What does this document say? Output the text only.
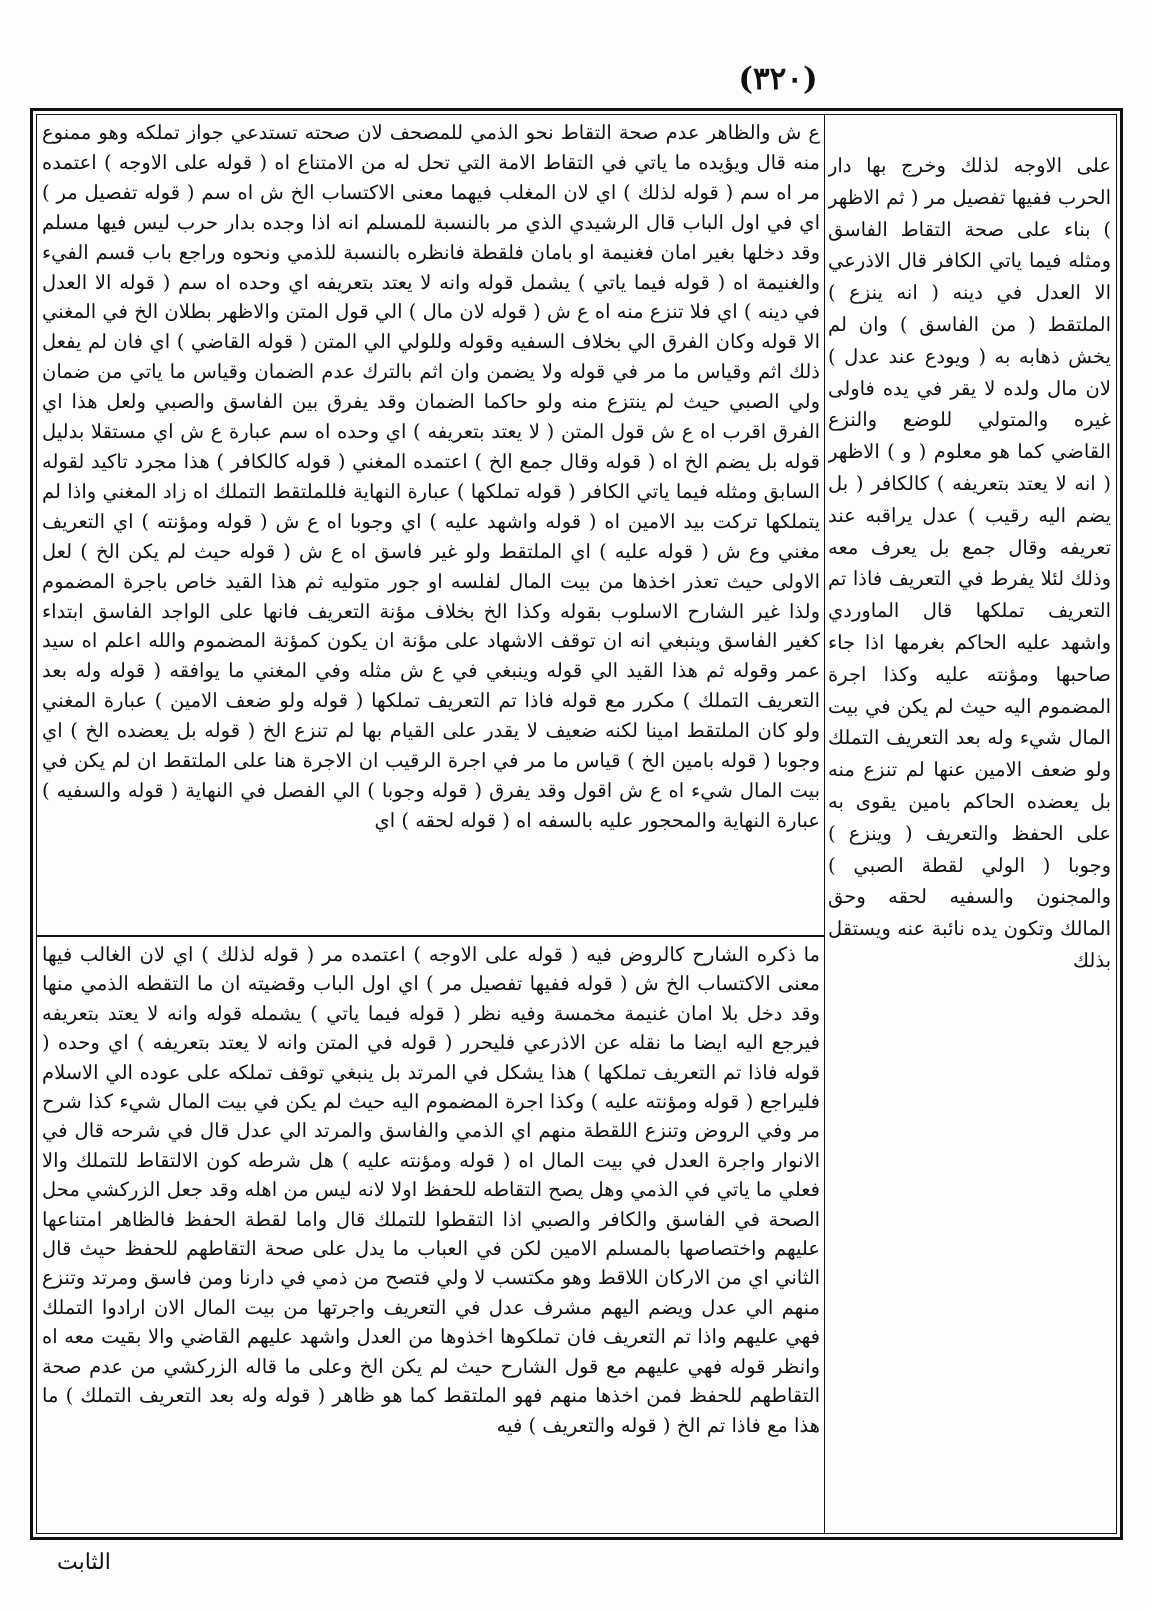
(٣٢٠)

ع ش والظاهر عدم صحة التقاط نحو الذمي للمصحف لان صحته تستدعي جواز تملكه وهو ممنوع منه قال ويؤيده ما ياتي في التقاط الامة التي تحل له من الامتناع اه ( قوله على الاوجه ) اعتمده مر اه سم ( قوله لذلك ) اي لان المغلب فيهما معنى الاكتساب الخ ش اه سم ( قوله تفصيل مر ) اي في اول الباب قال الرشيدي الذي مر بالنسبة للمسلم انه اذا وجده بدار حرب ليس فيها مسلم وقد دخلها بغير امان فغنيمة او بامان فلقطة فانظره بالنسبة للذمي ونحوه وراجع باب قسم الفيء والغنيمة اه ( قوله فيما ياتي ) يشمل قوله وانه لا يعتد بتعريفه اي وحده اه سم ( قوله الا العدل في دينه ) اي فلا تنزع منه اه ع ش ( قوله لان مال ) الي قول المتن والاظهر بطلان الخ في المغني الا قوله وكان الفرق الي بخلاف السفيه وقوله وللولي الي المتن ( قوله القاضي ) اي فان لم يفعل ذلك اثم وقياس ما مر في قوله ولا يضمن وان اثم بالترك عدم الضمان وقياس ما ياتي من ضمان ولي الصبي حيث لم ينتزع منه ولو حاكما الضمان وقد يفرق بين الفاسق والصبي ولعل هذا اي الفرق اقرب اه ع ش قول المتن ( لا يعتد بتعريفه ) اي وحده اه سم عبارة ع ش اي مستقلا بدليل قوله بل يضم الخ اه ( قوله وقال جمع الخ ) اعتمده المغني ( قوله كالكافر ) هذا مجرد تاكيد لقوله السابق ومثله فيما ياتي الكافر ( قوله تملكها ) عبارة النهاية فللملتقط التملك اه زاد المغني واذا لم يتملكها تركت بيد الامين اه ( قوله واشهد عليه ) اي وجوبا اه ع ش ( قوله ومؤنته ) اي التعريف مغني وع ش ( قوله عليه ) اي الملتقط ولو غير فاسق اه ع ش ( قوله حيث لم يكن الخ ) لعل الاولى حيث تعذر اخذها من بيت المال لفلسه او جور متوليه ثم هذا القيد خاص باجرة المضموم ولذا غير الشارح الاسلوب بقوله وكذا الخ بخلاف مؤنة التعريف فانها على الواجد الفاسق ابتداء كغير الفاسق وينبغي انه ان توقف الاشهاد على مؤنة ان يكون كمؤنة المضموم والله اعلم اه سيد عمر وقوله ثم هذا القيد الي قوله وينبغي في ع ش مثله وفي المغني ما يوافقه ( قوله وله بعد التعريف التملك ) مكرر مع قوله فاذا تم التعريف تملكها ( قوله ولو ضعف الامين ) عبارة المغني ولو كان الملتقط امينا لكنه ضعيف لا يقدر على القيام بها لم تنزع الخ ( قوله بل يعضده الخ ) اي وجوبا ( قوله بامين الخ ) قياس ما مر في اجرة الرقيب ان الاجرة هنا على الملتقط ان لم يكن في بيت المال شيء اه ع ش اقول وقد يفرق ( قوله وجوبا ) الي الفصل في النهاية ( قوله والسفيه ) عبارة النهاية والمحجور عليه بالسفه اه ( قوله لحقه ) اي

ما ذكره الشارح كالروض فيه ( قوله على الاوجه ) اعتمده مر ( قوله لذلك ) اي لان الغالب فيها معنى الاكتساب الخ ش ( قوله ففيها تفصيل مر ) اي اول الباب وقضيته ان ما التقطه الذمي منها وقد دخل بلا امان غنيمة مخمسة وفيه نظر ( قوله فيما ياتي ) يشمله قوله وانه لا يعتد بتعريفه فيرجع اليه ايضا ما نقله عن الاذرعي فليحرر ( قوله في المتن وانه لا يعتد بتعريفه ) اي وحده ( قوله فاذا تم التعريف تملكها ) هذا يشكل في المرتد بل ينبغي توقف تملكه على عوده الي الاسلام فليراجع ( قوله ومؤنته عليه ) وكذا اجرة المضموم اليه حيث لم يكن في بيت المال شيء كذا شرح مر وفي الروض وتنزع اللقطة منهم اي الذمي والفاسق والمرتد الي عدل قال في شرحه قال في الانوار واجرة العدل في بيت المال اه ( قوله ومؤنته عليه ) هل شرطه كون الالتقاط للتملك والا فعلي ما ياتي في الذمي وهل يصح التقاطه للحفظ اولا لانه ليس من اهله وقد جعل الزركشي محل الصحة في الفاسق والكافر والصبي اذا التقطوا للتملك قال واما لقطة الحفظ فالظاهر امتناعها عليهم واختصاصها بالمسلم الامين لكن في العباب ما يدل على صحة التقاطهم للحفظ حيث قال الثاني اي من الاركان اللاقط وهو مكتسب لا ولي فتصح من ذمي في دارنا ومن فاسق ومرتد وتنزع منهم الي عدل ويضم اليهم مشرف عدل في التعريف واجرتها من بيت المال الان ارادوا التملك فهي عليهم واذا تم التعريف فان تملكوها اخذوها من العدل واشهد عليهم القاضي والا بقيت معه اه وانظر قوله فهي عليهم مع قول الشارح حيث لم يكن الخ وعلى ما قاله الزركشي من عدم صحة التقاطهم للحفظ فمن اخذها منهم فهو الملتقط كما هو ظاهر ( قوله وله بعد التعريف التملك ) ما هذا مع فاذا تم الخ ( قوله والتعريف ) فيه

على الاوجه لذلك وخرج بها دار الحرب ففيها تفصيل مر ( ثم الاظهر ) بناء على صحة التقاط الفاسق ومثله فيما ياتي الكافر قال الاذرعي الا العدل في دينه ( انه ينزع ) الملتقط ( من الفاسق ) وان لم يخش ذهابه به ( ويودع عند عدل ) لان مال ولده لا يقر في يده فاولى غيره والمتولي للوضع والنزع القاضي كما هو معلوم ( و ) الاظهر ( انه لا يعتد بتعريفه ) كالكافر ( بل يضم اليه رقيب ) عدل يراقبه عند تعريفه وقال جمع بل يعرف معه وذلك لئلا يفرط في التعريف فاذا تم التعريف تملكها قال الماوردي واشهد عليه الحاكم بغرمها اذا جاء صاحبها ومؤنته عليه وكذا اجرة المضموم اليه حيث لم يكن في بيت المال شيء وله بعد التعريف التملك ولو ضعف الامين عنها لم تنزع منه بل يعضده الحاكم بامين يقوى به على الحفظ والتعريف ( وينزع ) وجوبا ( الولي لقطة الصبي ) والمجنون والسفيه لحقه وحق المالك وتكون يده نائبة عنه ويستقل بذلك

الثابت
